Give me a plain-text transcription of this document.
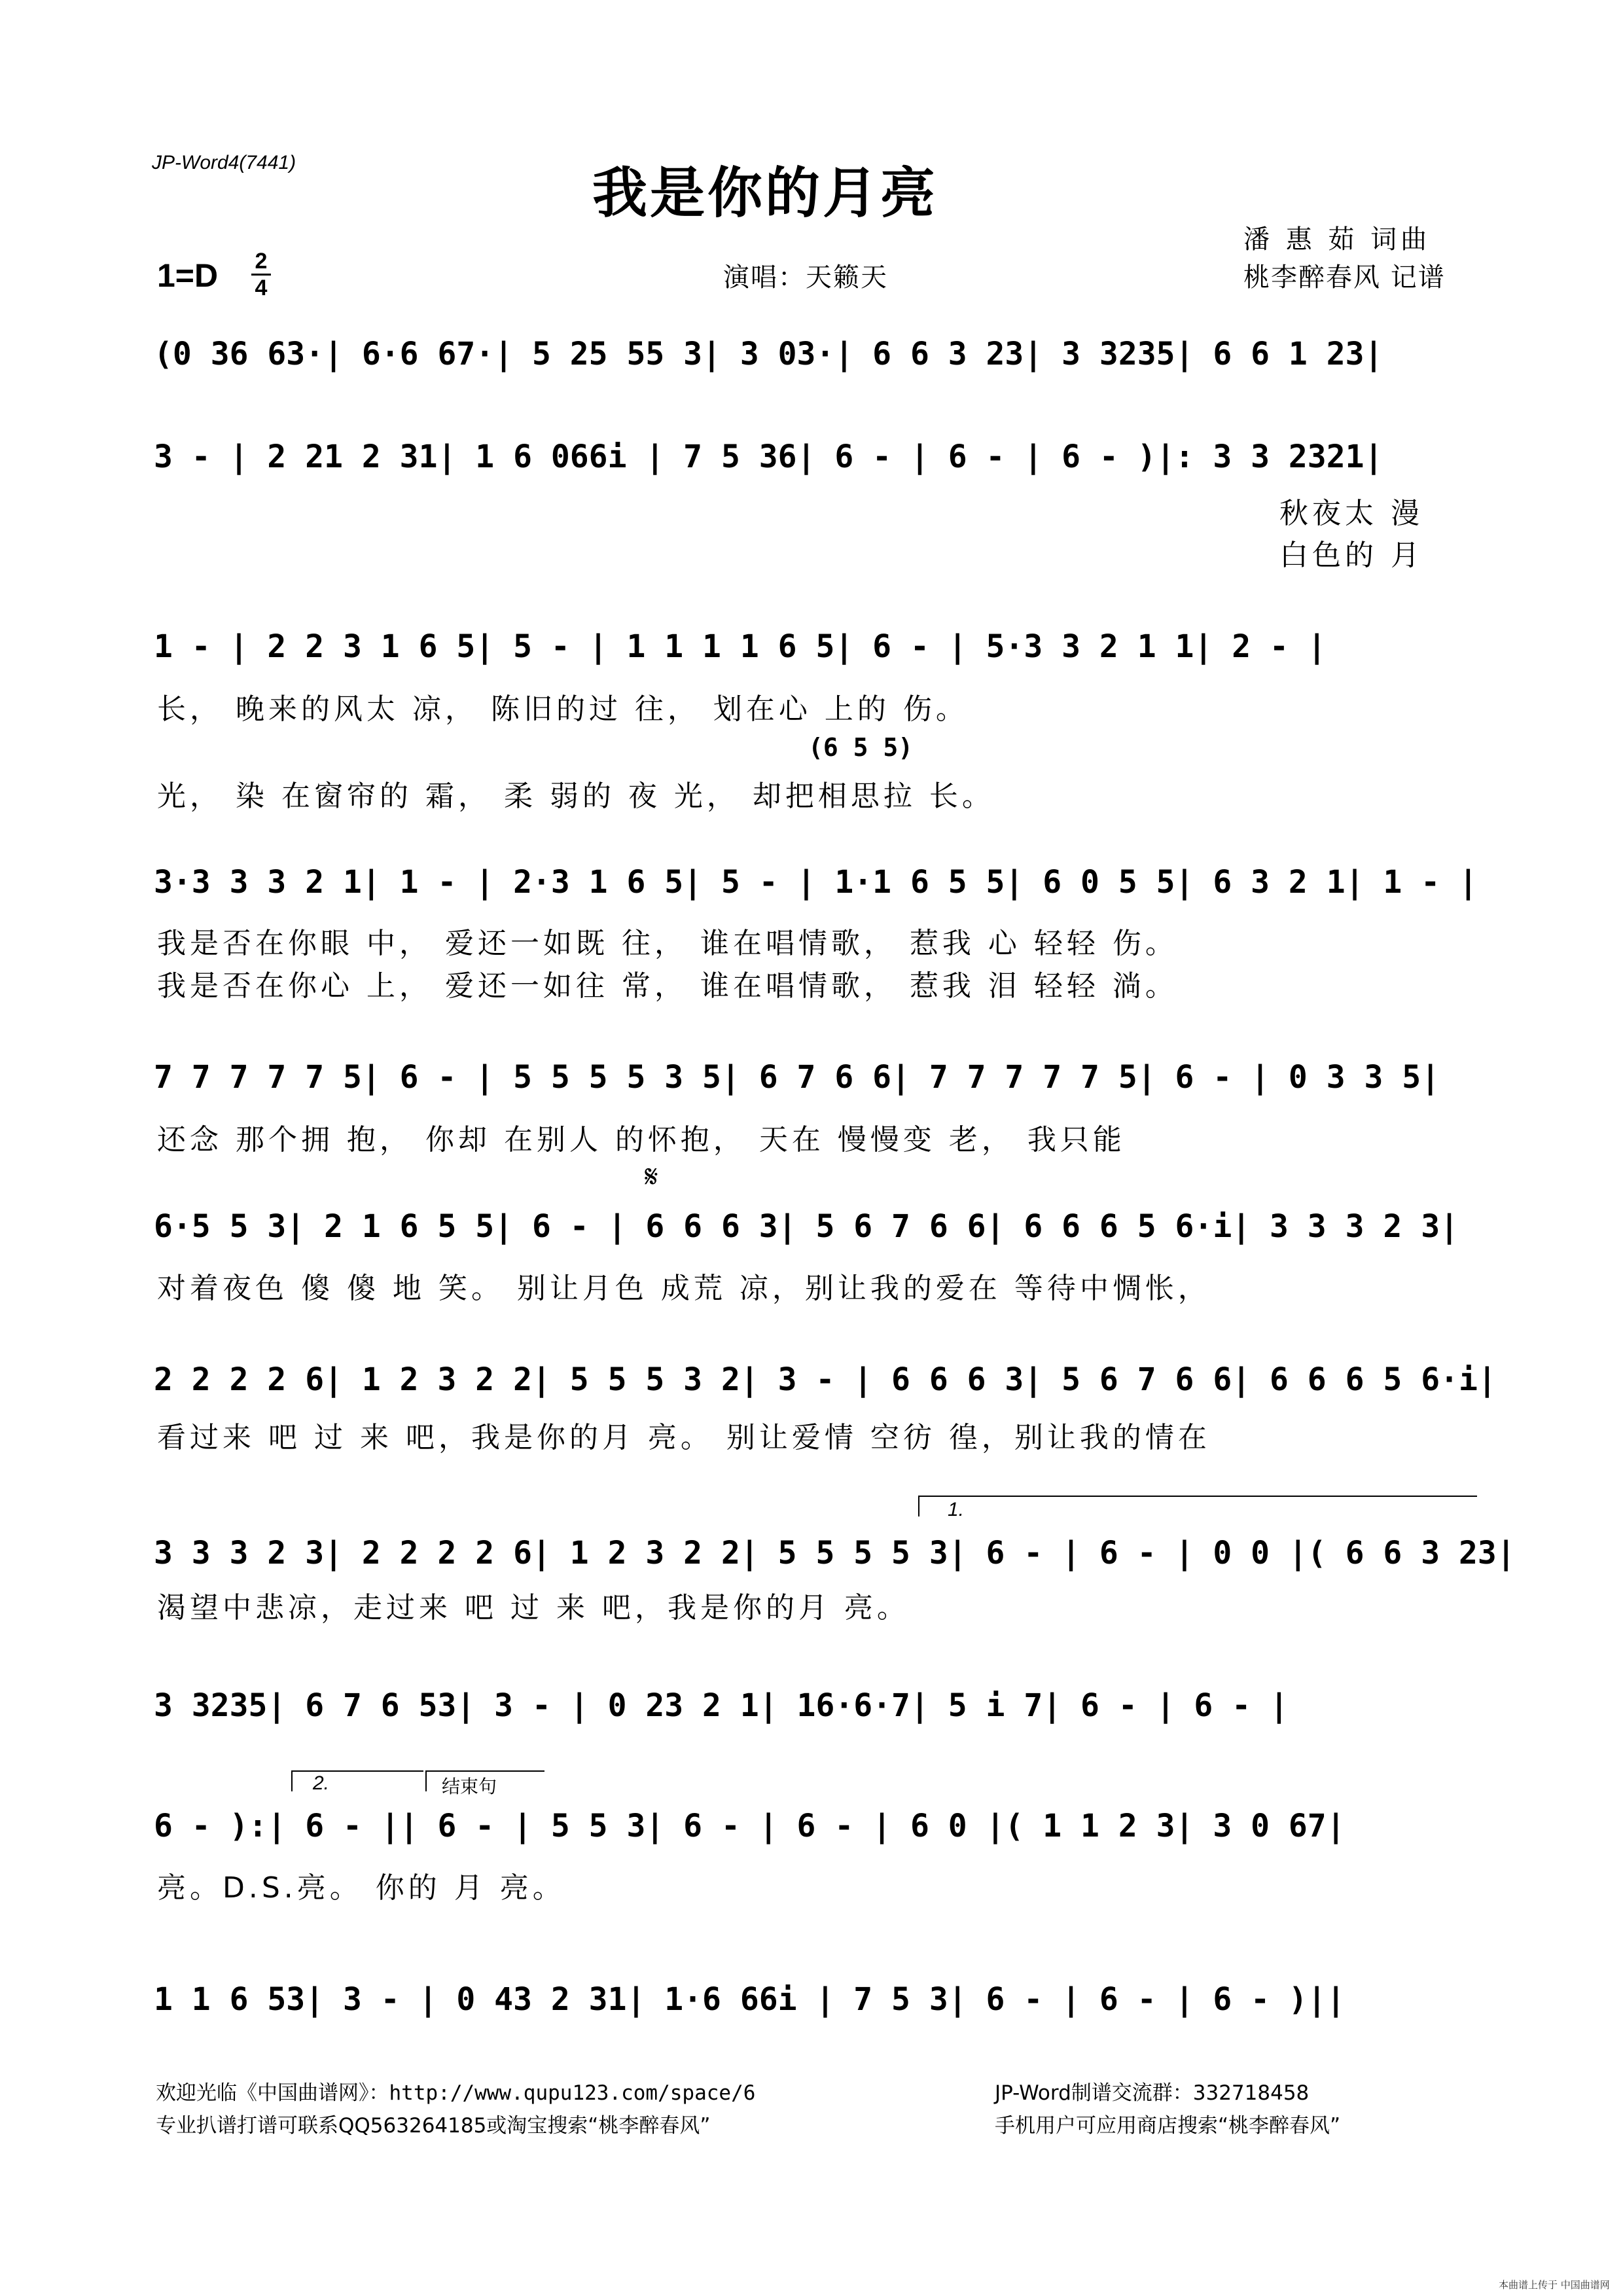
JP-Word4(7441)	我是你的月亮
潘 惠 茹 词曲
桃李醉春风 记谱
演唱：天籁天
1=D 2
4
(0 36 63·| 6·6 67·| 5 25 55 3| 3 03·| 6 6 3 23| 3 3235| 6 6 1 23|
3 - | 2 21 2 31| 1 6 066i | 7 5 36| 6 - | 6 - | 6 - )|: 3 3 2321|
秋夜太 漫
白色的 月
1 - | 2 2 3 1 6 5| 5 - | 1 1 1 1 6 5| 6 - | 5·3 3 2 1 1| 2 - |
长， 晚来的风太 凉， 陈旧的过 往， 划在心 上的 伤。
(6 5 5)
光， 染 在窗帘的 霜， 柔 弱的 夜 光， 却把相思拉 长。
3·3 3 3 2 1| 1 - | 2·3 1 6 5| 5 - | 1·1 6 5 5| 6 0 5 5| 6 3 2 1| 1 - |
我是否在你眼 中， 爱还一如既 往， 谁在唱情歌， 惹我 心 轻轻 伤。
我是否在你心 上， 爱还一如往 常， 谁在唱情歌， 惹我 泪 轻轻 淌。
7 7 7 7 7 5| 6 - | 5 5 5 5 3 5| 6 7 6 6| 7 7 7 7 7 5| 6 - | 0 3 3 5|
还念 那个拥 抱， 你却 在别人 的怀抱， 天在 慢慢变 老， 我只能
𝄋
6·5 5 3| 2 1 6 5 5| 6 - | 6 6 6 3| 5 6 7 6 6| 6 6 6 5 6·i| 3 3 3 2 3|
对着夜色 傻 傻 地 笑。 别让月色 成荒 凉，别让我的爱在 等待中惆怅，
2 2 2 2 6| 1 2 3 2 2| 5 5 5 3 2| 3 - | 6 6 6 3| 5 6 7 6 6| 6 6 6 5 6·i|
看过来 吧 过 来 吧，我是你的月 亮。 别让爱情 空彷 徨，别让我的情在
1.
3 3 3 2 3| 2 2 2 2 6| 1 2 3 2 2| 5 5 5 5 3| 6 - | 6 - | 0 0 |( 6 6 3 23|
渴望中悲凉，走过来 吧 过 来 吧，我是你的月 亮。
3 3235| 6 7 6 53| 3 - | 0 23 2 1| 16·6·7| 5 i 7| 6 - | 6 - |
2.	结束句
6 - ):| 6 - || 6 - | 5 5 3| 6 - | 6 - | 6 0 |( 1 1 2 3| 3 0 67|
亮。D.S.亮。 你的 月 亮。
1 1 6 53| 3 - | 0 43 2 31| 1·6 66i | 7 5 3| 6 - | 6 - | 6 - )||
欢迎光临《中国曲谱网》：http://www.qupu123.com/space/6	JP-Word制谱交流群：332718458
专业扒谱打谱可联系QQ563264185或淘宝搜索“桃李醉春风”	手机用户可应用商店搜索“桃李醉春风”
本曲谱上传于 中国曲谱网
